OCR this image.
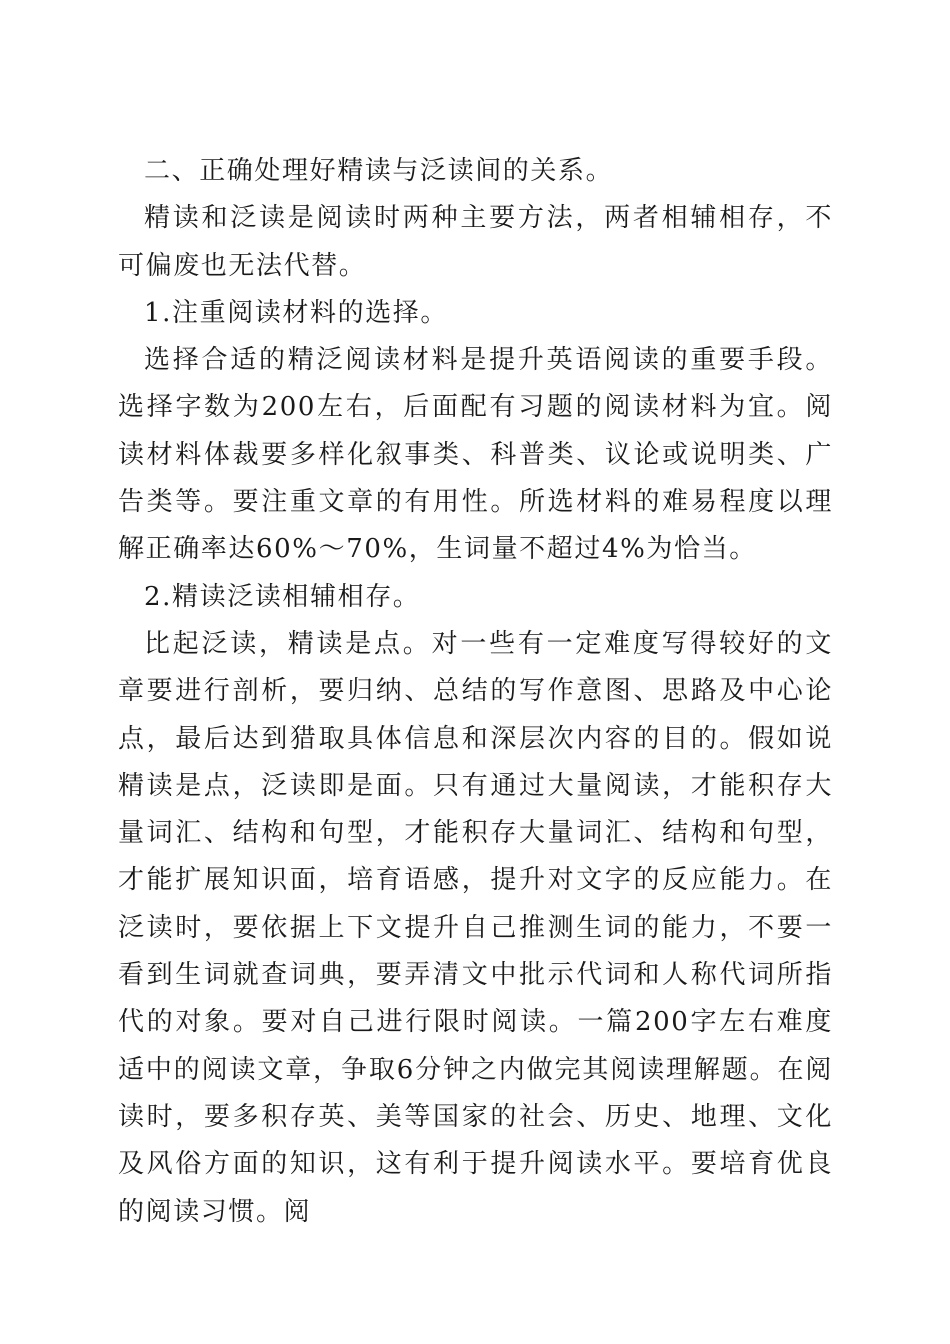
二、正确处理好精读与泛读间的关系。

精读和泛读是阅读时两种主要方法，两者相辅相存，不可偏废也无法代替。

1.注重阅读材料的选择。

选择合适的精泛阅读材料是提升英语阅读的重要手段。选择字数为200左右，后面配有习题的阅读材料为宜。阅读材料体裁要多样化叙事类、科普类、议论或说明类、广告类等。要注重文章的有用性。所选材料的难易程度以理解正确率达60%～70%，生词量不超过4%为恰当。

2.精读泛读相辅相存。

比起泛读，精读是点。对一些有一定难度写得较好的文章要进行剖析，要归纳、总结的写作意图、思路及中心论点，最后达到猎取具体信息和深层次内容的目的。假如说精读是点，泛读即是面。只有通过大量阅读，才能积存大量词汇、结构和句型，才能积存大量词汇、结构和句型，才能扩展知识面，培育语感，提升对文字的反应能力。在泛读时，要依据上下文提升自己推测生词的能力，不要一看到生词就查词典，要弄清文中批示代词和人称代词所指代的对象。要对自己进行限时阅读。一篇200字左右难度适中的阅读文章，争取6分钟之内做完其阅读理解题。在阅读时，要多积存英、美等国家的社会、历史、地理、文化及风俗方面的知识，这有利于提升阅读水平。要培育优良的阅读习惯。阅
